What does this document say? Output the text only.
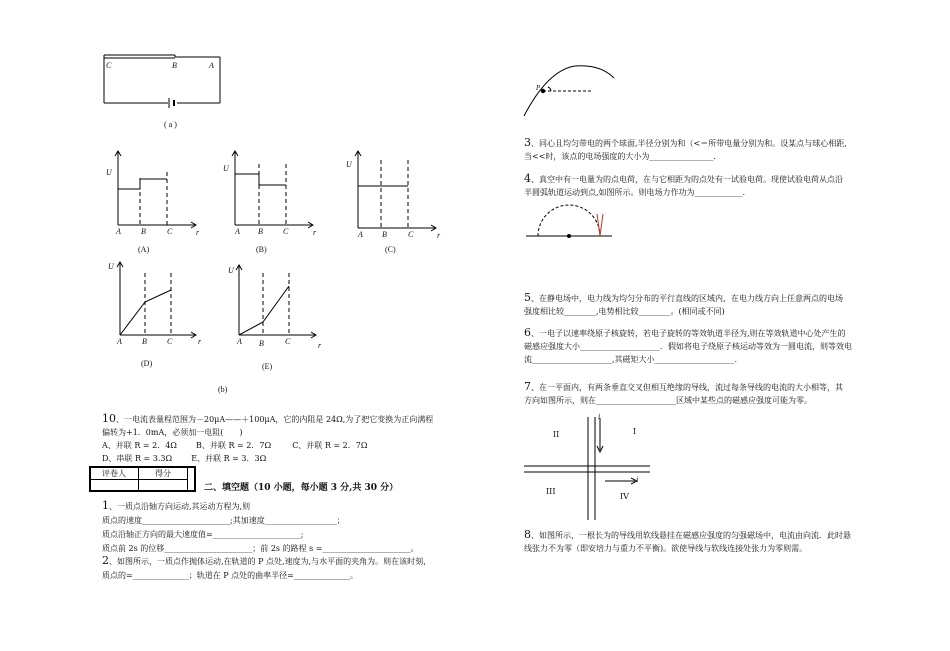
C	B	A
( a )
U
A	B	C	r
(A)
U
A B	C	r
(B)
U
A B	C	r
(C)
U
A	B	C	r
(D)
U
A B	C	r
(E)
(b)
10、一电流表量程范围为－20μA——＋100μA，它的内阻是 24Ω,为了把它变换为正向满程
偏转为+1．0mA，必须加一电阻(　　)
A、并联 R = 2．4Ω B、并联 R = 2．7Ω	C、并联 R = 2．7Ω
D、串联 R = 3.3Ω E、并联 R = 3．3Ω
评卷人	得分

二、填空题（10 小题，每小题 3 分,共 30 分）
1、一质点沿轴方向运动,其运动方程为,则
质点的速度______________________;其加速度__________________；
质点沿轴正方向的最大速度值=______________________;
质点前 2s 的位移______________________；前 2s 的路程 s =______________________。
2、如图所示，一质点作抛体运动,在轨道的 P 点处,速度为,与水平面的夹角为。则在该时刻，
质点的=______________；轨道在 P 点处的曲率半径=______________。
P
3、同心且均匀带电的两个球面,半径分别为和（<＝所带电量分别为和。设某点与球心相距,
当<<时，该点的电场强度的大小为________________.
4、真空中有一电量为的点电荷，在与它相距为的点处有一试验电荷。现使试验电荷从点沿
半圆弧轨道运动到点,如图所示。则电场力作功为____________.
5、在静电场中，电力线为均匀分布的平行直线的区域内，在电力线方向上任意两点的电场
强度相比较________,电势相比较________。(相同或不同)
6、一电子以速率绕原子核旋转，若电子旋转的等效轨道半径为,则在等效轨道中心处产生的
磁感应强度大小____________________．假如将电子绕原子核运动等效为一圆电流，则等效电
流____________________,其磁矩大小____________________.
7、在一平面内，有两条垂直交叉但相互绝缘的导线，流过每条导线的电流的大小相等，其
方向如图所示，则在____________________区域中某些点的磁感应强度可能为零。
II	I
III
IV
i
i
8、如图所示，一根长为的导线用软线悬挂在磁感应强度的匀强磁场中，电流由向流．此时悬
线张力不为零（即安培力与重力不平衡)。欲使导线与软线连接处张力为零则需。
